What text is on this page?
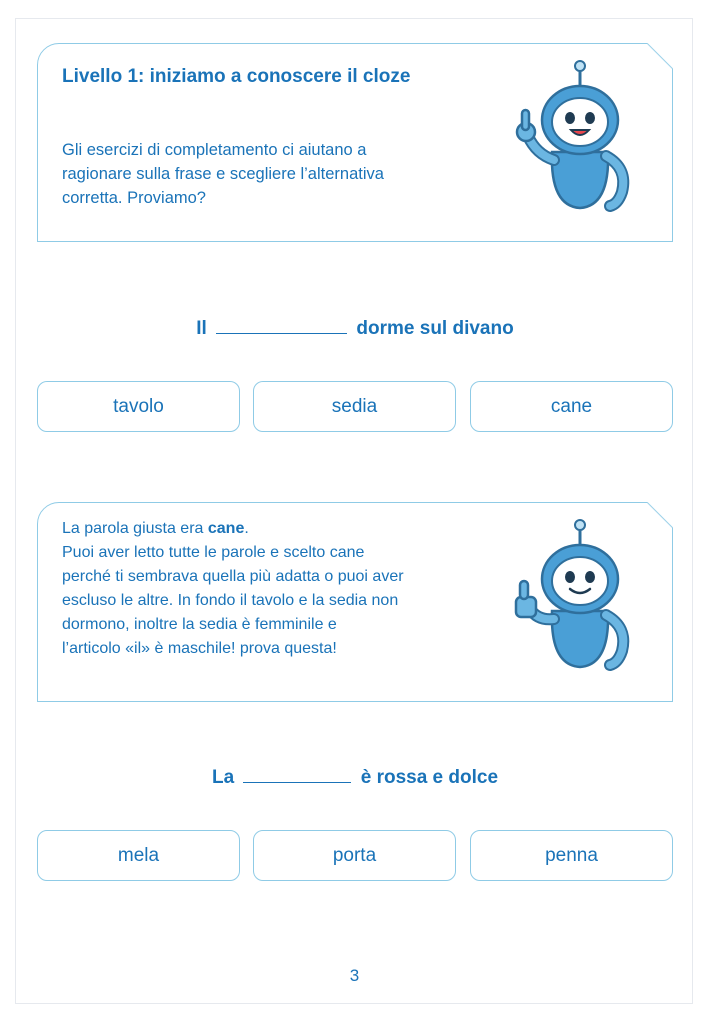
Livello 1: iniziamo a conoscere il cloze

Gli esercizi di completamento ci aiutano a
ragionare sulla frase e scegliere l’alternativa
corretta. Proviamo?

Il	dorme sul divano
tavolo	sedia	cane

La parola giusta era cane.
Puoi aver letto tutte le parole e scelto cane
perché ti sembrava quella più adatta o puoi aver
escluso le altre. In fondo il tavolo e la sedia non
dormono, inoltre la sedia è femminile e
l’articolo «il» è maschile! prova questa!

La	è rossa e dolce
mela	porta	penna
3
